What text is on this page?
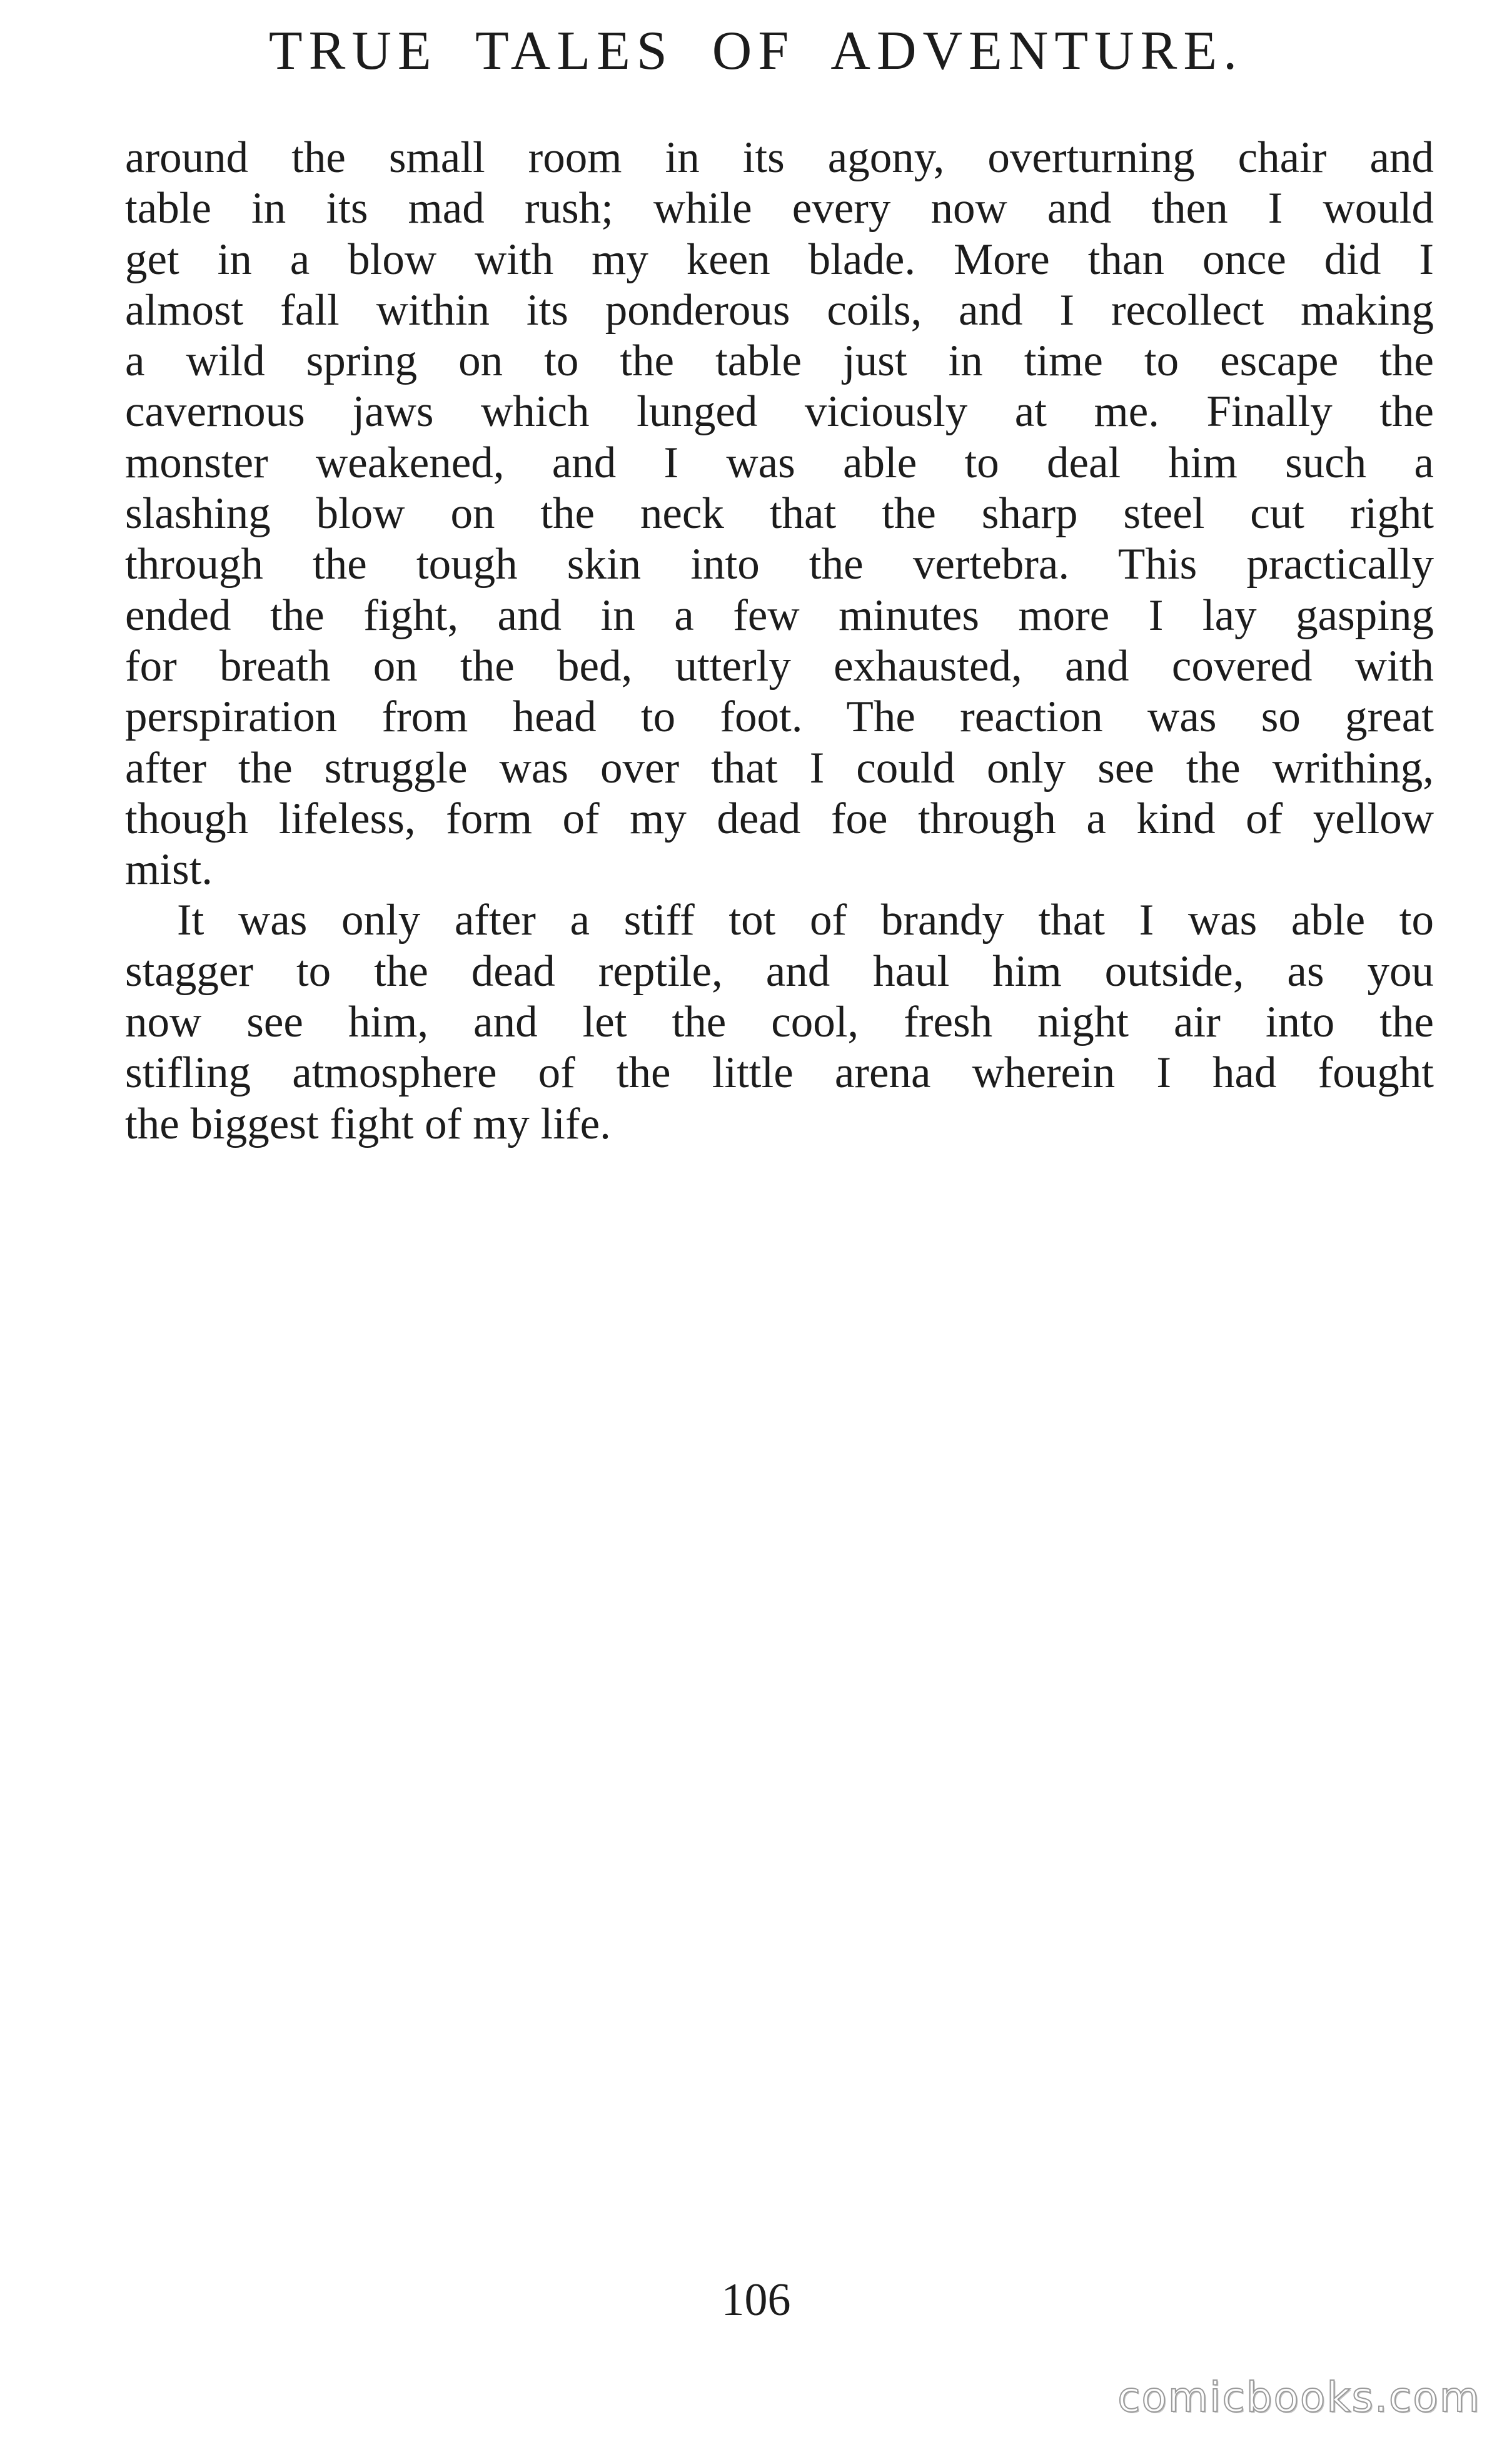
TRUE TALES OF ADVENTURE.

around the small room in its agony, overturning chair and
table in its mad rush; while every now and then I would
get in a blow with my keen blade. More than once did I
almost fall within its ponderous coils, and I recollect making
a wild spring on to the table just in time to escape the
cavernous jaws which lunged viciously at me. Finally the
monster weakened, and I was able to deal him such a
slashing blow on the neck that the sharp steel cut right
through the tough skin into the vertebra. This practically
ended the fight, and in a few minutes more I lay gasping
for breath on the bed, utterly exhausted, and covered with
perspiration from head to foot. The reaction was so great
after the struggle was over that I could only see the writhing,
though lifeless, form of my dead foe through a kind of yellow
mist.

It was only after a stiff tot of brandy that I was able to
stagger to the dead reptile, and haul him outside, as you
now see him, and let the cool, fresh night air into the
stifling atmosphere of the little arena wherein I had fought
the biggest fight of my life.

106
comicbooks.com
